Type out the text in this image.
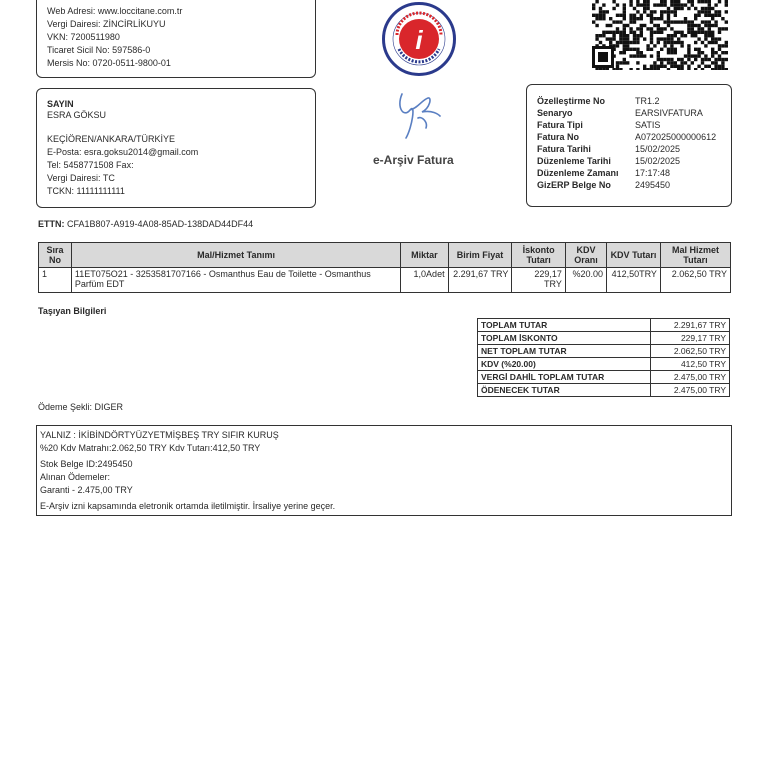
Web Adresi: www.loccitane.com.tr
Vergi Dairesi: ZİNCİRLİKUYU
VKN: 7200511980
Ticaret Sicil No: 597586-0
Mersis No: 0720-0511-9800-01
i
e-Arşiv Fatura
SAYIN
ESRA GÖKSU
KEÇİÖREN/ANKARA/TÜRKİYE
E-Posta: esra.goksu2014@gmail.com
Tel: 5458771508 Fax:
Vergi Dairesi: TC
TCKN: 11111111111
Özelleştirme No	TR1.2
Senaryo	EARSIVFATURA
Fatura Tipi	SATIS
Fatura No	A072025000000612
Fatura Tarihi	15/02/2025
Düzenleme Tarihi	15/02/2025
Düzenleme Zamanı 17:17:48
GizERP Belge No	2495450
ETTN: CFA1B807-A919-4A08-85AD-138DAD44DF44
Sıra No	Mal/Hizmet Tanımı	Miktar	Birim Fiyat	İskonto Tutarı	KDV Oranı	KDV Tutarı	Mal Hizmet Tutarı
1	11ET075O21 - 3253581707166 - Osmanthus Eau de Toilette - Osmanthus Parfüm EDT	1,0Adet	2.291,67 TRY	229,17 TRY	%20.00	412,50TRY	2.062,50 TRY
Taşıyan Bilgileri
TOPLAM TUTAR	2.291,67 TRY
TOPLAM İSKONTO	229,17 TRY
NET TOPLAM TUTAR	2.062,50 TRY
KDV (%20.00)	412,50 TRY
VERGİ DAHİL TOPLAM TUTAR	2.475,00 TRY
ÖDENECEK TUTAR	2.475,00 TRY
Ödeme Şekli: DIGER
YALNIZ : İKİBİNDÖRTYÜZYETMİŞBEŞ TRY SIFIR KURUŞ
%20 Kdv Matrahı:2.062,50 TRY Kdv Tutarı:412,50 TRY
Stok Belge ID:2495450
Alınan Ödemeler:
Garanti - 2.475,00 TRY
E-Arşiv izni kapsamında eletronik ortamda iletilmiştir. İrsaliye yerine geçer.
